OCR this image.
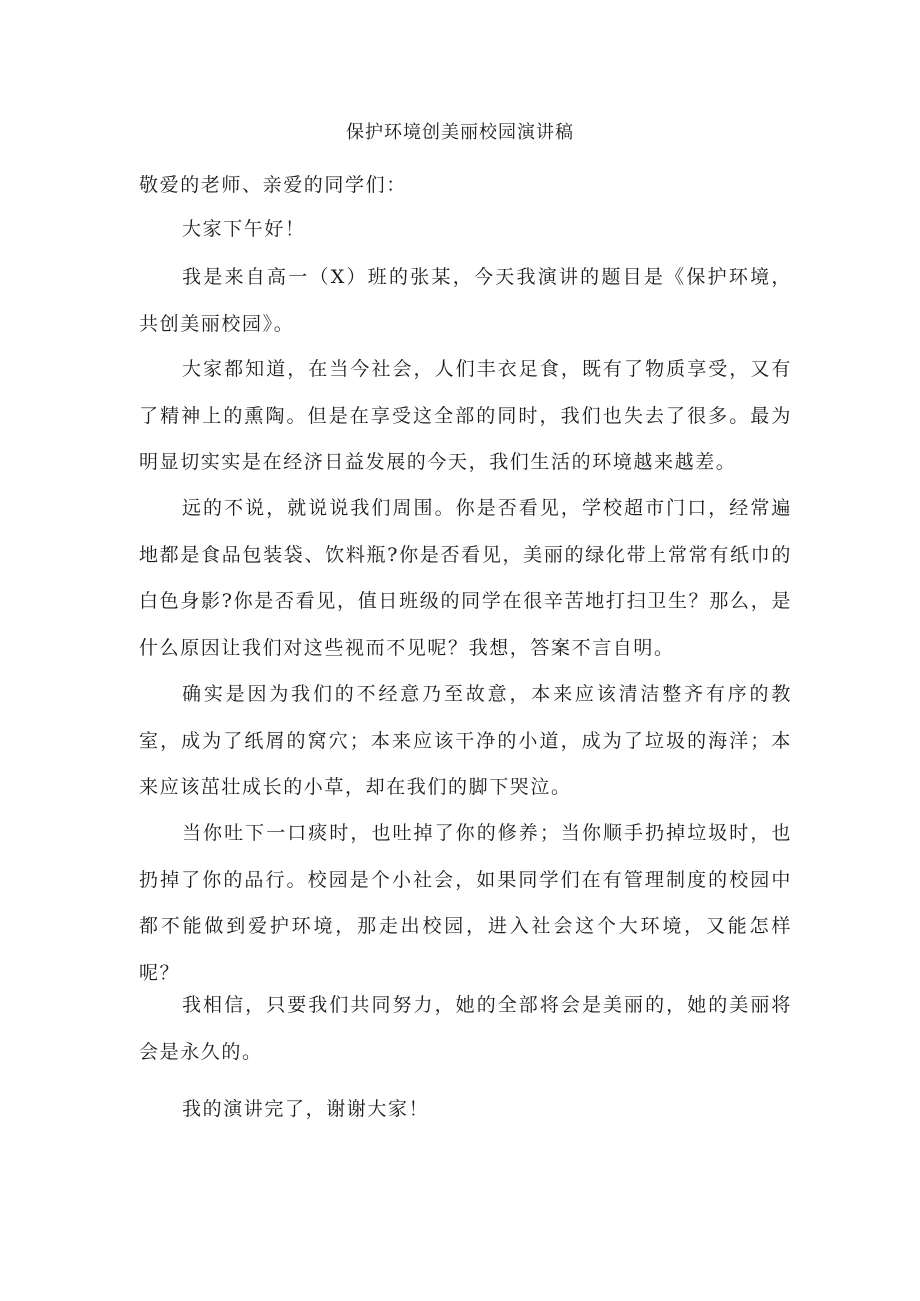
保护环境创美丽校园演讲稿

敬爱的老师、亲爱的同学们：

大家下午好！

我是来自高一（X）班的张某，今天我演讲的题目是《保护环境，共创美丽校园》。

大家都知道，在当今社会，人们丰衣足食，既有了物质享受，又有了精神上的熏陶。但是在享受这全部的同时，我们也失去了很多。最为明显切实实是在经济日益发展的今天，我们生活的环境越来越差。

远的不说，就说说我们周围。你是否看见，学校超市门口，经常遍地都是食品包装袋、饮料瓶?你是否看见，美丽的绿化带上常常有纸巾的白色身影?你是否看见，值日班级的同学在很辛苦地打扫卫生？那么，是什么原因让我们对这些视而不见呢？我想，答案不言自明。

确实是因为我们的不经意乃至故意，本来应该清洁整齐有序的教室，成为了纸屑的窝穴；本来应该干净的小道，成为了垃圾的海洋；本来应该茁壮成长的小草，却在我们的脚下哭泣。

当你吐下一口痰时，也吐掉了你的修养；当你顺手扔掉垃圾时，也扔掉了你的品行。校园是个小社会，如果同学们在有管理制度的校园中都不能做到爱护环境，那走出校园，进入社会这个大环境，又能怎样呢？

我相信，只要我们共同努力，她的全部将会是美丽的，她的美丽将会是永久的。

我的演讲完了，谢谢大家！
